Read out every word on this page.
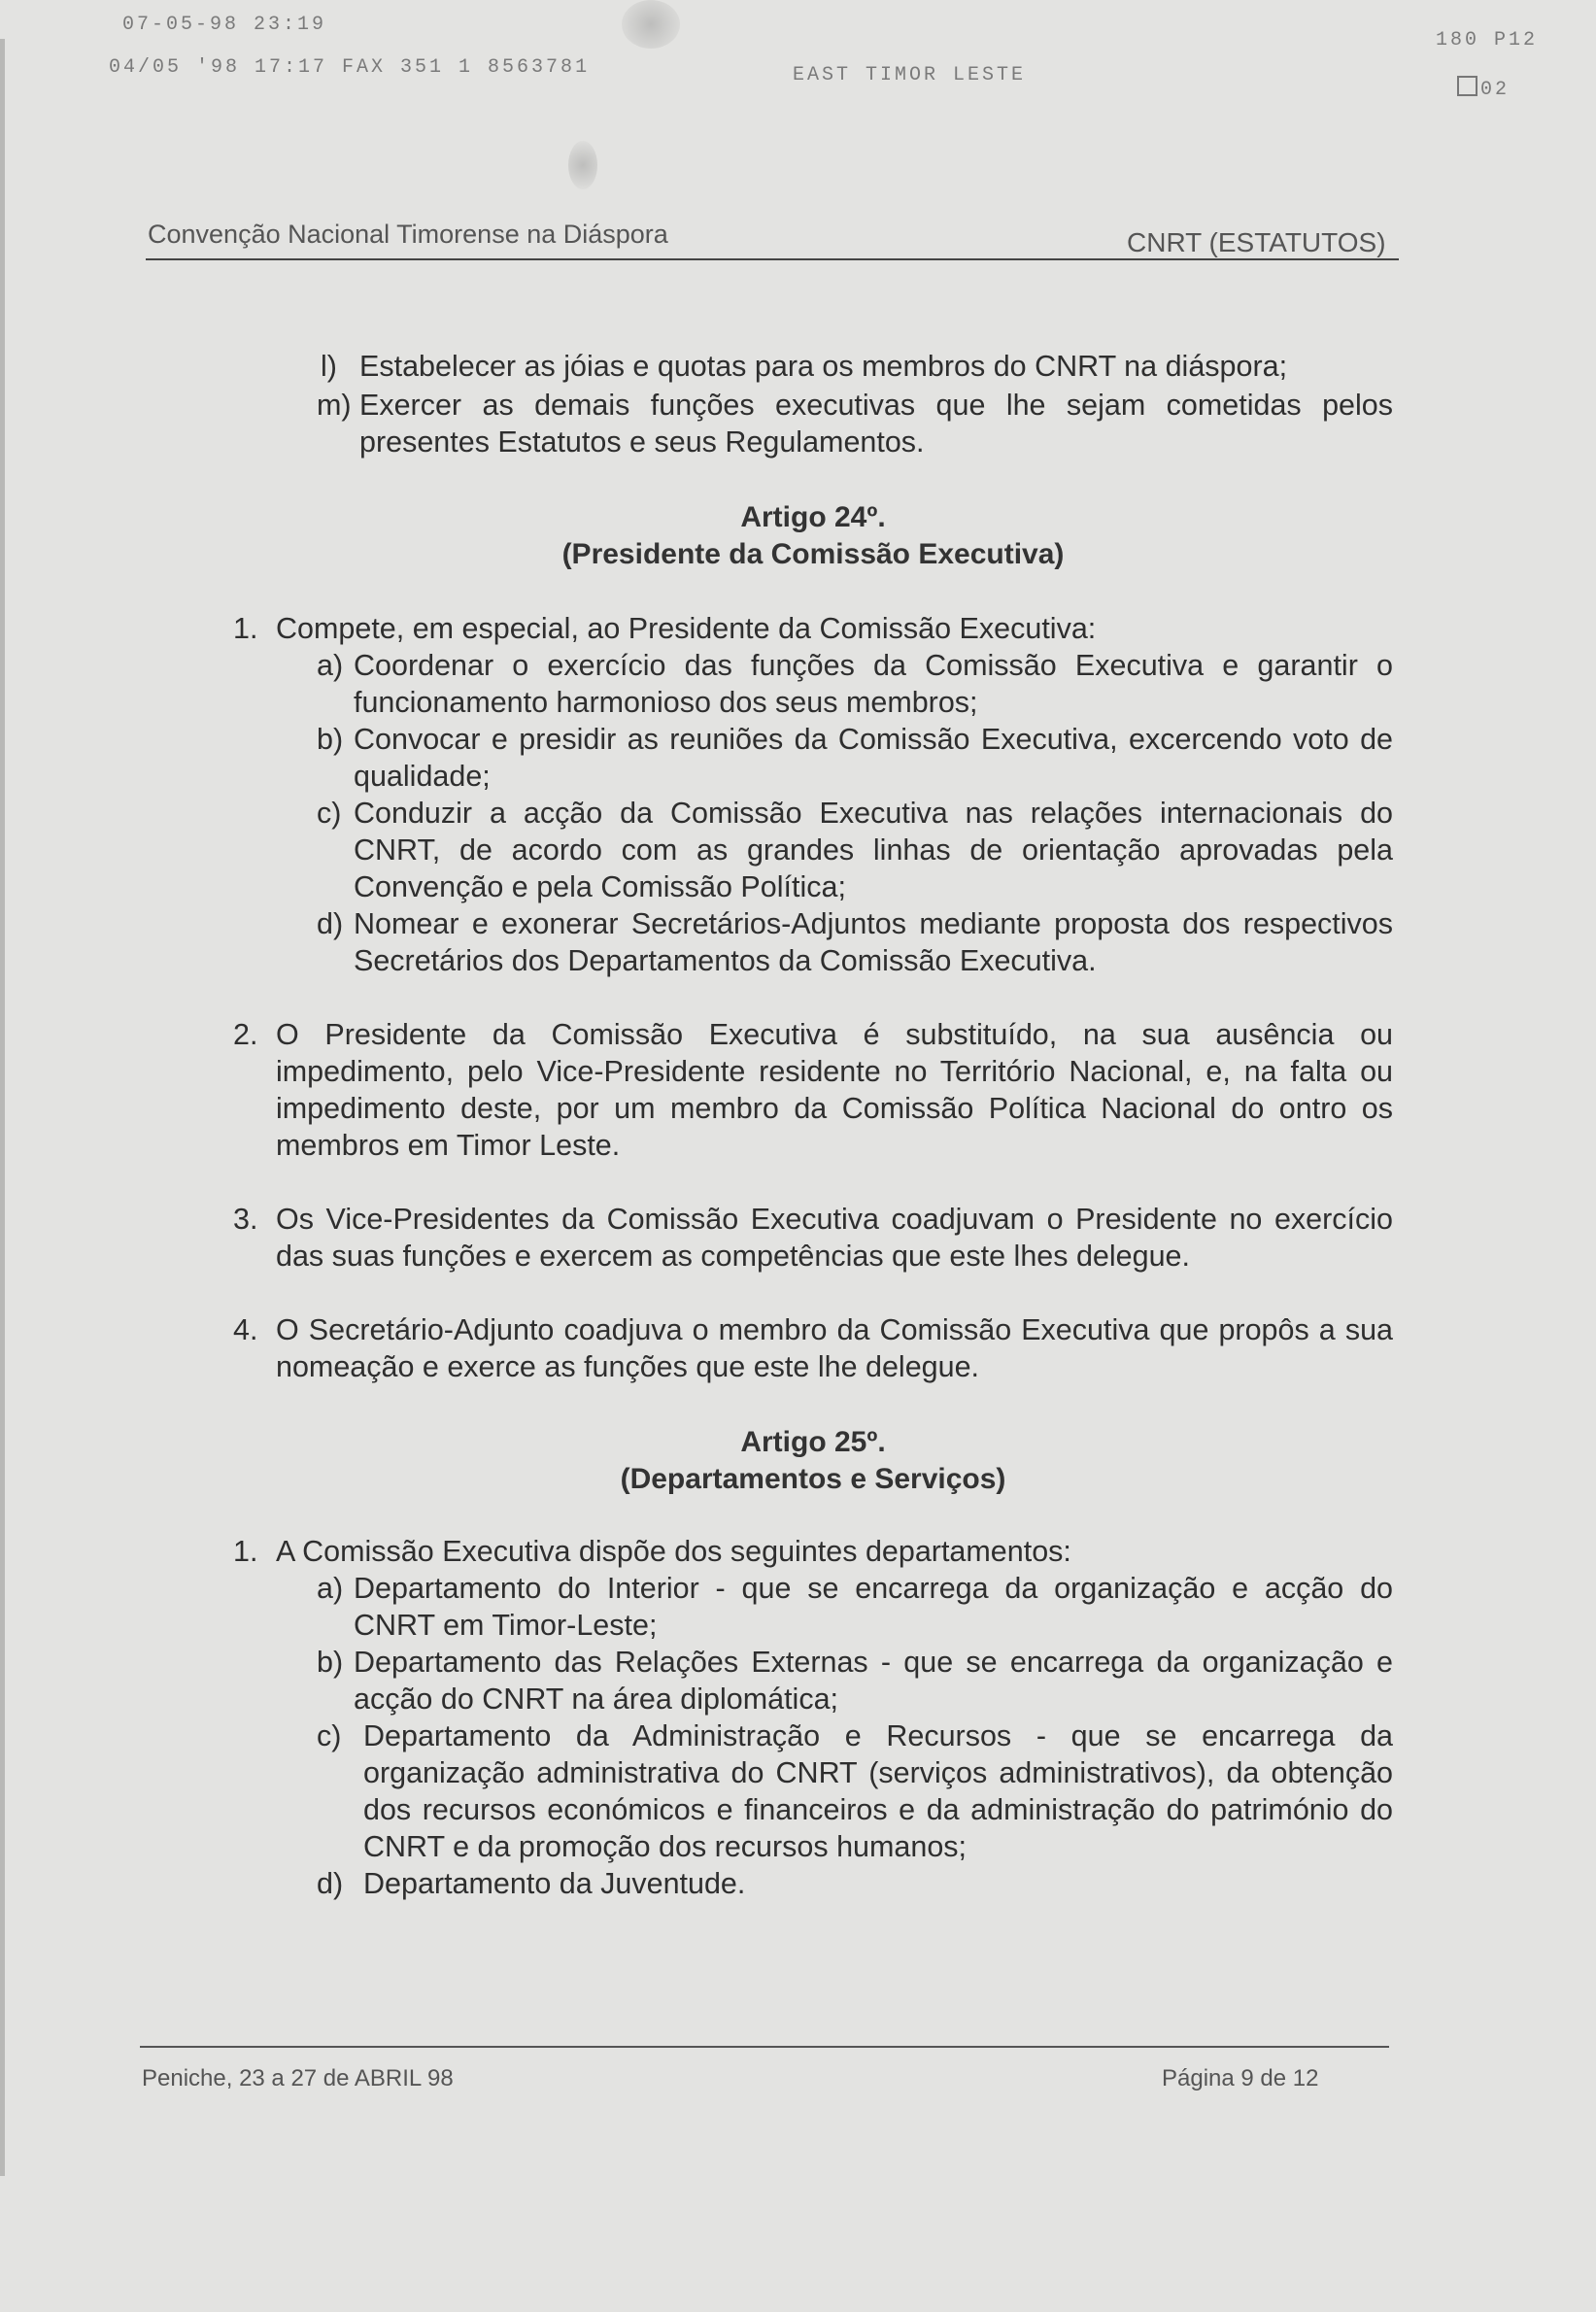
07-05-98 23:19
180 P12
04/05 '98 17:17 FAX 351 1 8563781	EAST TIMOR LESTE
02
Convenção Nacional Timorense na Diáspora	CNRT (ESTATUTOS)
l) Estabelecer as jóias e quotas para os membros do CNRT na diáspora;
m) Exercer as demais funções executivas que lhe sejam cometidas pelos presentes Estatutos e seus Regulamentos.
Artigo 24º.
(Presidente da Comissão Executiva)
1. Compete, em especial, ao Presidente da Comissão Executiva:
a) Coordenar o exercício das funções da Comissão Executiva e garantir o funcionamento harmonioso dos seus membros;
b) Convocar e presidir as reuniões da Comissão Executiva, excercendo voto de qualidade;
c) Conduzir a acção da Comissão Executiva nas relações internacionais do CNRT, de acordo com as grandes linhas de orientação aprovadas pela Convenção e pela Comissão Política;
d) Nomear e exonerar Secretários-Adjuntos mediante proposta dos respectivos Secretários dos Departamentos da Comissão Executiva.
2. O Presidente da Comissão Executiva é substituído, na sua ausência ou impedimento, pelo Vice-Presidente residente no Território Nacional, e, na falta ou impedimento deste, por um membro da Comissão Política Nacional do ontro os membros em Timor Leste.
3. Os Vice-Presidentes da Comissão Executiva coadjuvam o Presidente no exercício das suas funções e exercem as competências que este lhes delegue.
4. O Secretário-Adjunto coadjuva o membro da Comissão Executiva que propôs a sua nomeação e exerce as funções que este lhe delegue.
Artigo 25º.
(Departamentos e Serviços)
1. A Comissão Executiva dispõe dos seguintes departamentos:
a) Departamento do Interior - que se encarrega da organização e acção do CNRT em Timor-Leste;
b) Departamento das Relações Externas - que se encarrega da organização e acção do CNRT na área diplomática;
c) Departamento da Administração e Recursos - que se encarrega da organização administrativa do CNRT (serviços administrativos), da obtenção dos recursos económicos e financeiros e da administração do património do CNRT e da promoção dos recursos humanos;
d) Departamento da Juventude.
Peniche, 23 a 27 de ABRIL 98	Página 9 de 12
